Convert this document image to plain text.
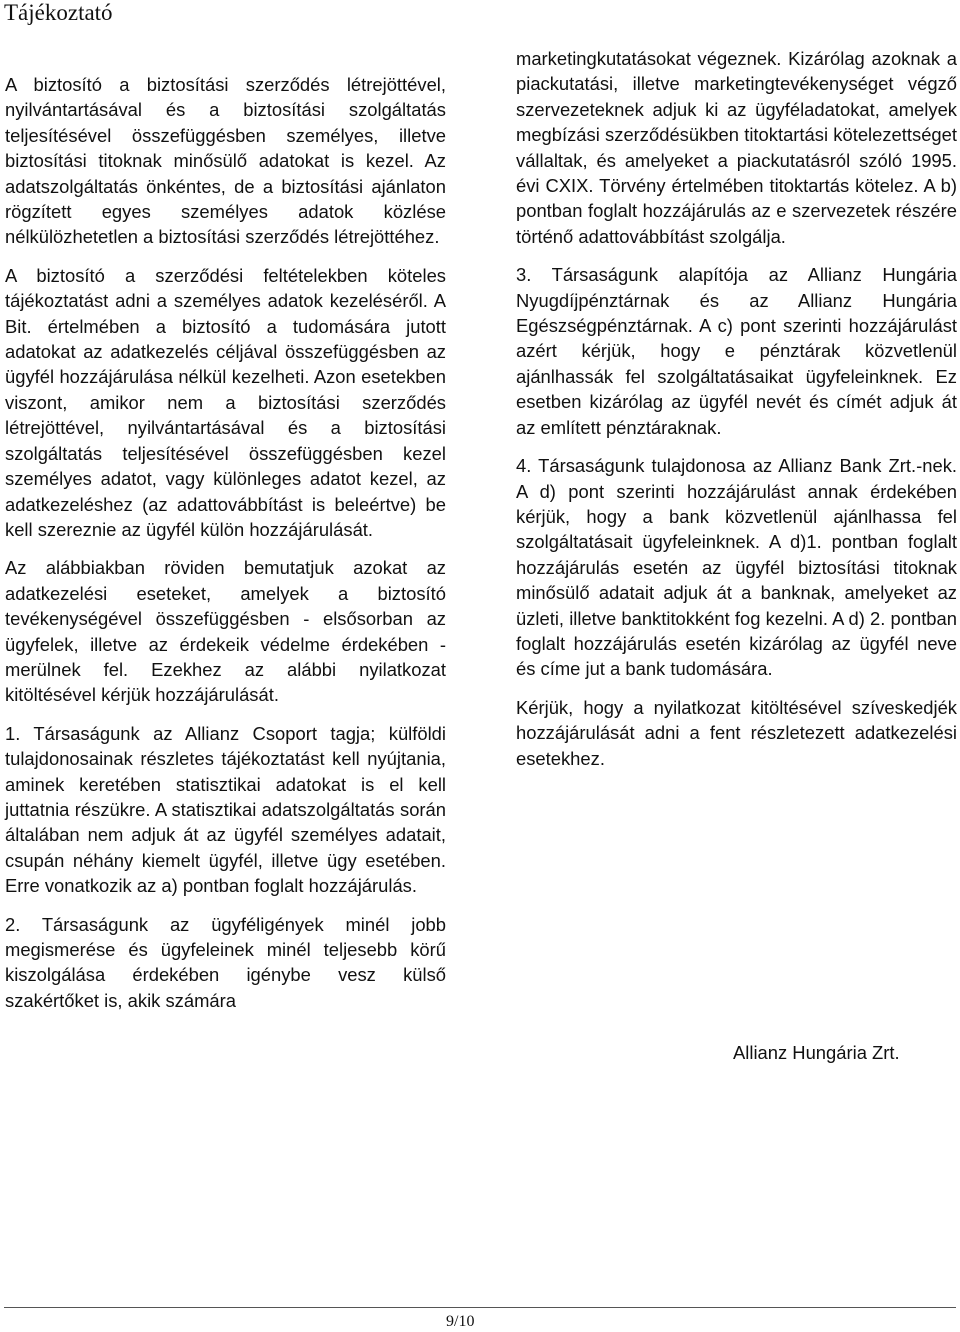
Tájékoztató

A biztosító a biztosítási szerződés létrejöttével, nyilvántartásával és a biztosítási szolgáltatás teljesítésével összefüggésben személyes, illetve biztosítási titoknak minősülő adatokat is kezel. Az adatszolgáltatás önkéntes, de a biztosítási ajánlaton rögzített egyes személyes adatok közlése nélkülözhetetlen a biztosítási szerződés létrejöttéhez.

A biztosító a szerződési feltételekben köteles tájékoztatást adni a személyes adatok kezeléséről. A Bit. értelmében a biztosító a tudomására jutott adatokat az adatkezelés céljával összefüggésben az ügyfél hozzájárulása nélkül kezelheti. Azon esetekben viszont, amikor nem a biztosítási szerződés létrejöttével, nyilvántartásával és a biztosítási szolgáltatás teljesítésével összefüggésben kezel személyes adatot, vagy különleges adatot kezel, az adatkezeléshez (az adattovábbítást is beleértve) be kell szereznie az ügyfél külön hozzájárulását.

Az alábbiakban röviden bemutatjuk azokat az adatkezelési eseteket, amelyek a biztosító tevékenységével összefüggésben - elsősorban az ügyfelek, illetve az érdekeik védelme érdekében - merülnek fel. Ezekhez az alábbi nyilatkozat kitöltésével kérjük hozzájárulását.

1. Társaságunk az Allianz Csoport tagja; külföldi tulajdonosainak részletes tájékoztatást kell nyújtania, aminek keretében statisztikai adatokat is el kell juttatnia részükre. A statisztikai adatszolgáltatás során általában nem adjuk át az ügyfél személyes adatait, csupán néhány kiemelt ügyfél, illetve ügy esetében. Erre vonatkozik az a) pontban foglalt hozzájárulás.

2. Társaságunk az ügyféligények minél jobb megismerése és ügyfeleinek minél teljesebb körű kiszolgálása érdekében igénybe vesz külső szakértőket is, akik számára

marketingkutatásokat végeznek. Kizárólag azoknak a piackutatási, illetve marketingtevékenységet végző szervezeteknek adjuk ki az ügyféladatokat, amelyek megbízási szerződésükben titoktartási kötelezettséget vállaltak, és amelyeket a piackutatásról szóló 1995. évi CXIX. Törvény értelmében titoktartás kötelez. A b) pontban foglalt hozzájárulás az e szervezetek részére történő adattovábbítást szolgálja.

3. Társaságunk alapítója az Allianz Hungária Nyugdíjpénztárnak és az Allianz Hungária Egészségpénztárnak. A c) pont szerinti hozzájárulást azért kérjük, hogy e pénztárak közvetlenül ajánlhassák fel szolgáltatásaikat ügyfeleinknek. Ez esetben kizárólag az ügyfél nevét és címét adjuk át az említett pénztáraknak.

4. Társaságunk tulajdonosa az Allianz Bank Zrt.-nek. A d) pont szerinti hozzájárulást annak érdekében kérjük, hogy a bank közvetlenül ajánlhassa fel szolgáltatásait ügyfeleinknek. A d)1. pontban foglalt hozzájárulás esetén az ügyfél biztosítási titoknak minősülő adatait adjuk át a banknak, amelyeket az üzleti, illetve banktitokként fog kezelni. A d) 2. pontban foglalt hozzájárulás esetén kizárólag az ügyfél neve és címe jut a bank tudomására.

Kérjük, hogy a nyilatkozat kitöltésével szíveskedjék hozzájárulását adni a fent részletezett adatkezelési esetekhez.

Allianz Hungária Zrt.
9/10
